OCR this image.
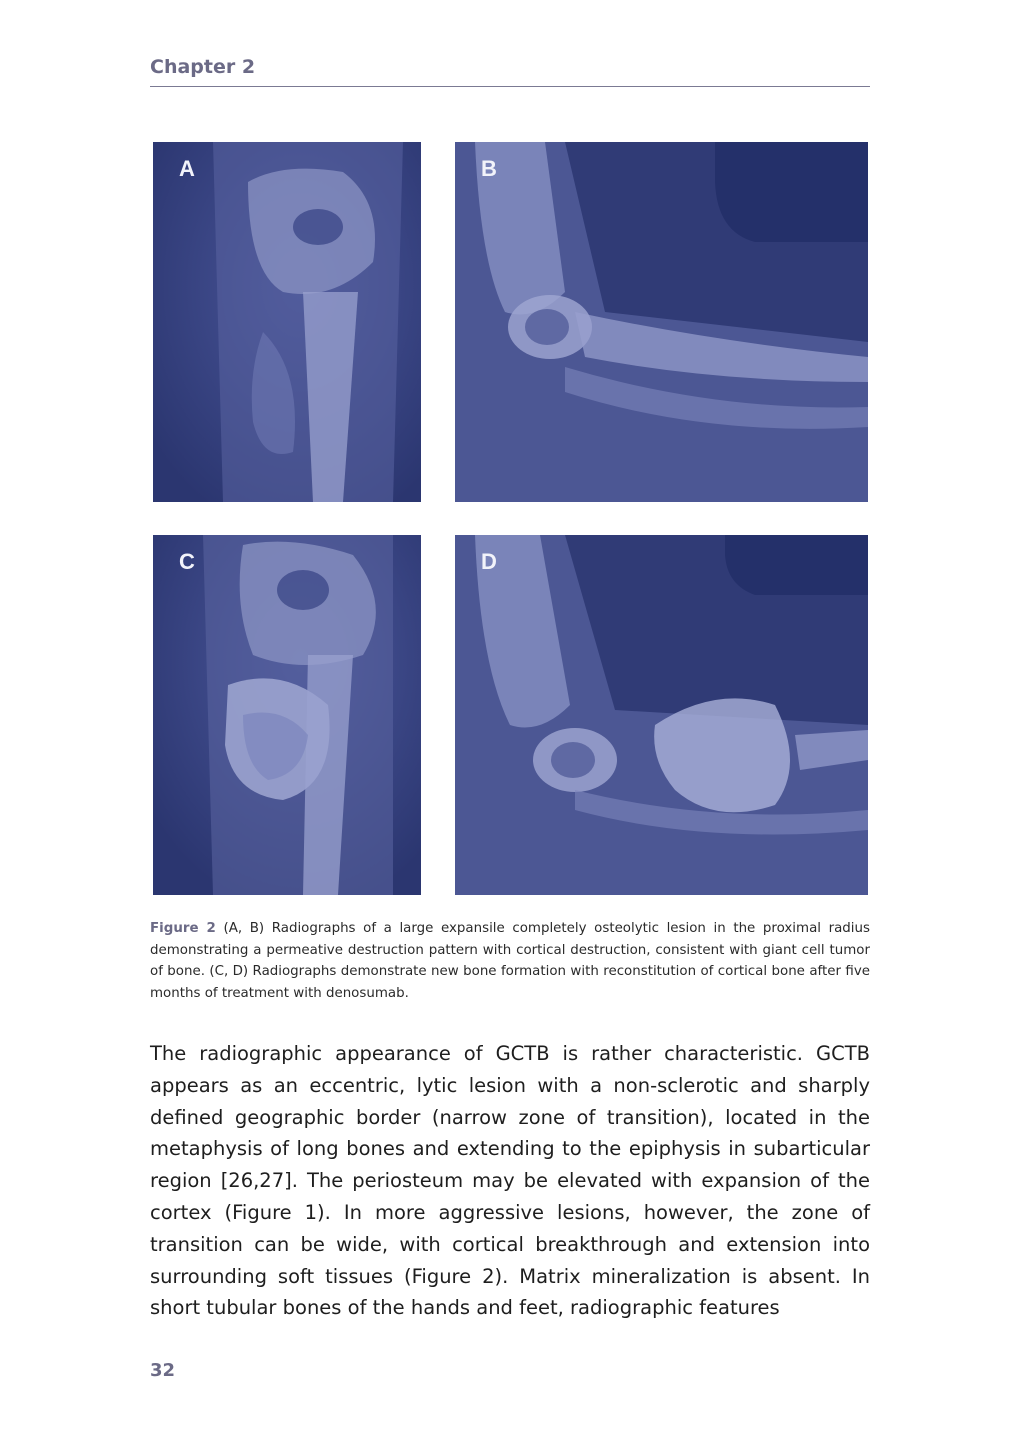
Chapter 2
A	B
C	D

Figure 2 (A, B) Radiographs of a large expansile completely osteolytic lesion in the proximal radius demonstrating a permeative destruction pattern with cortical destruction, consistent with giant cell tumor of bone. (C, D) Radiographs demonstrate new bone formation with reconstitution of cortical bone after five months of treatment with denosumab.

The radiographic appearance of GCTB is rather characteristic. GCTB appears as an eccentric, lytic lesion with a non-sclerotic and sharply defined geographic border (narrow zone of transition), located in the metaphysis of long bones and extending to the epiphysis in subarticular region [26,27]. The periosteum may be elevated with expansion of the cortex (Figure 1). In more aggressive lesions, however, the zone of transition can be wide, with cortical breakthrough and extension into surrounding soft tissues (Figure 2). Matrix mineralization is absent. In short tubular bones of the hands and feet, radiographic features

32
